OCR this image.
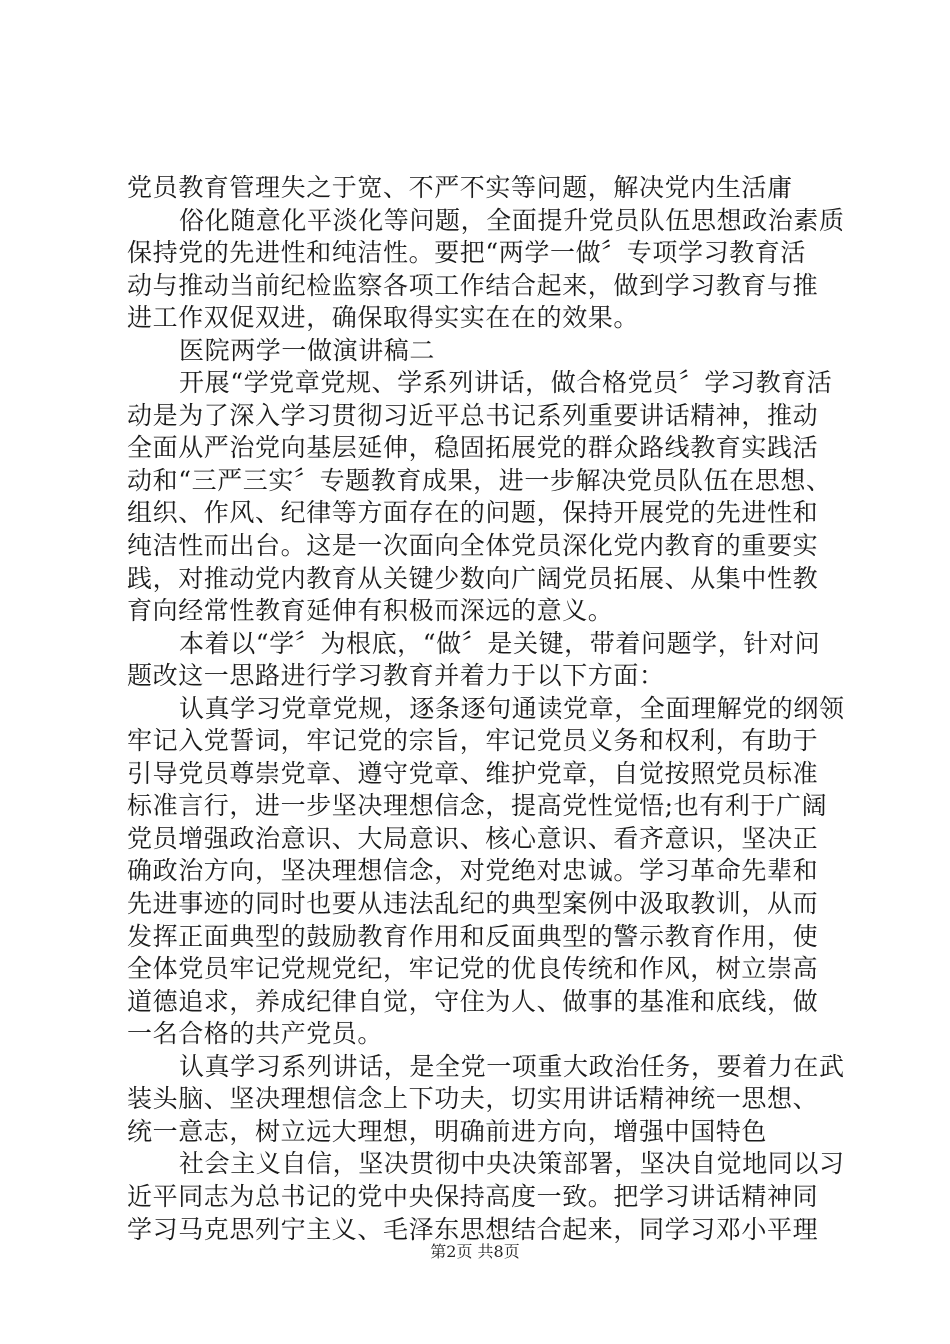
党员教育管理失之于宽、不严不实等问题，解决党内生活庸
俗化随意化平淡化等问题，全面提升党员队伍思想政治素质
保持党的先进性和纯洁性。要把“两学一做〞专项学习教育活
动与推动当前纪检监察各项工作结合起来，做到学习教育与推
进工作双促双进，确保取得实实在在的效果。
医院两学一做演讲稿二
开展“学党章党规、学系列讲话，做合格党员〞学习教育活
动是为了深入学习贯彻习近平总书记系列重要讲话精神，推动
全面从严治党向基层延伸，稳固拓展党的群众路线教育实践活
动和“三严三实〞专题教育成果，进一步解决党员队伍在思想、
组织、作风、纪律等方面存在的问题，保持开展党的先进性和
纯洁性而出台。这是一次面向全体党员深化党内教育的重要实
践，对推动党内教育从关键少数向广阔党员拓展、从集中性教
育向经常性教育延伸有积极而深远的意义。
本着以“学〞为根底，“做〞是关键，带着问题学，针对问
题改这一思路进行学习教育并着力于以下方面：
认真学习党章党规，逐条逐句通读党章，全面理解党的纲领
牢记入党誓词，牢记党的宗旨，牢记党员义务和权利，有助于
引导党员尊崇党章、遵守党章、维护党章，自觉按照党员标准
标准言行，进一步坚决理想信念，提高党性觉悟;也有利于广阔
党员增强政治意识、大局意识、核心意识、看齐意识，坚决正
确政治方向，坚决理想信念，对党绝对忠诚。学习革命先辈和
先进事迹的同时也要从违法乱纪的典型案例中汲取教训，从而
发挥正面典型的鼓励教育作用和反面典型的警示教育作用，使
全体党员牢记党规党纪，牢记党的优良传统和作风，树立崇高
道德追求，养成纪律自觉，守住为人、做事的基准和底线，做
一名合格的共产党员。
认真学习系列讲话，是全党一项重大政治任务，要着力在武
装头脑、坚决理想信念上下功夫，切实用讲话精神统一思想、
统一意志，树立远大理想，明确前进方向，增强中国特色
社会主义自信，坚决贯彻中央决策部署，坚决自觉地同以习
近平同志为总书记的党中央保持高度一致。把学习讲话精神同
学习马克思列宁主义、毛泽东思想结合起来，同学习邓小平理
第2页 共8页
